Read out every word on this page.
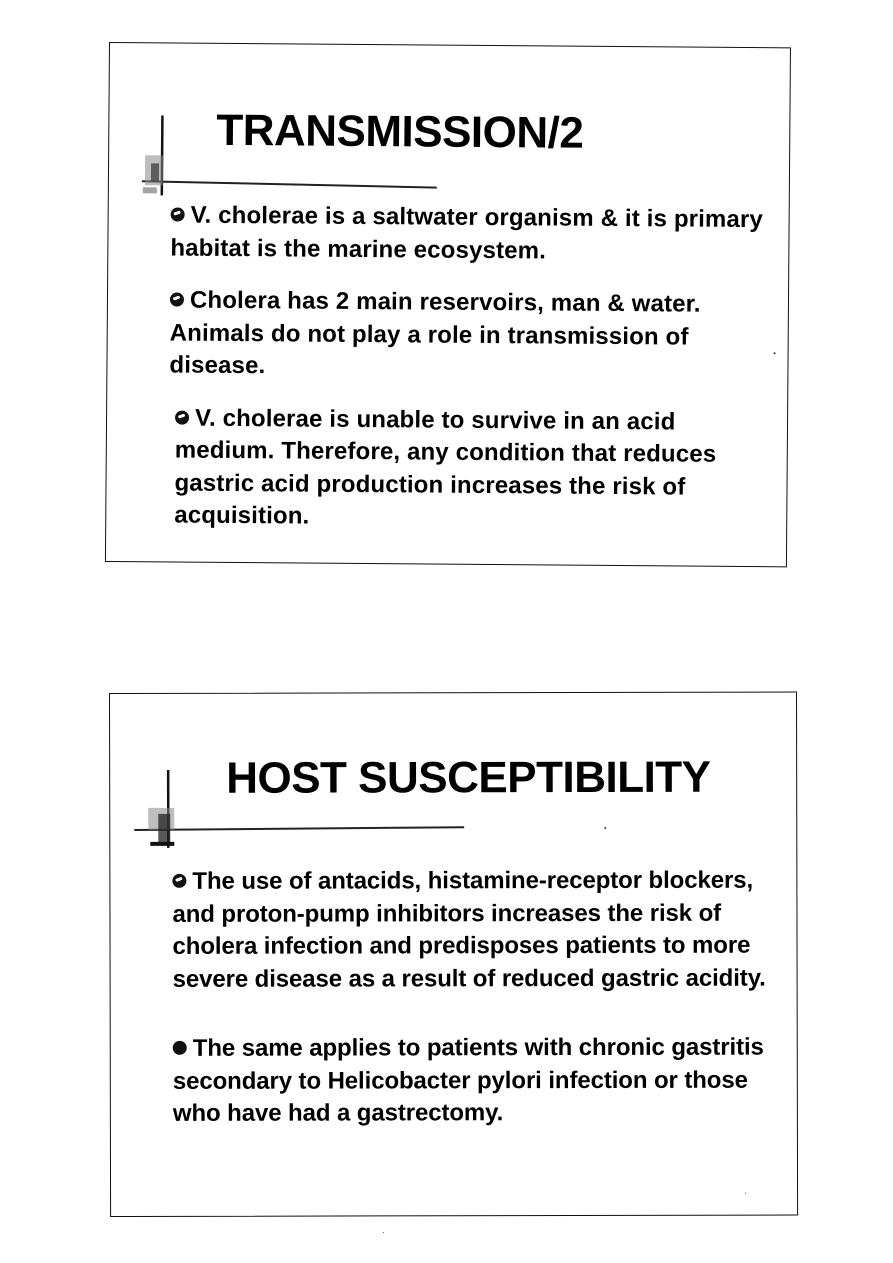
TRANSMISSION/2
V. cholerae is a saltwater organism & it is primary habitat is the marine ecosystem.
Cholera has 2 main reservoirs, man & water. Animals do not play a role in transmission of disease.
V. cholerae is unable to survive in an acid medium. Therefore, any condition that reduces gastric acid production increases the risk of acquisition.
HOST SUSCEPTIBILITY
The use of antacids, histamine-receptor blockers, and proton-pump inhibitors increases the risk of cholera infection and predisposes patients to more severe disease as a result of reduced gastric acidity.
The same applies to patients with chronic gastritis secondary to Helicobacter pylori infection or those who have had a gastrectomy.
